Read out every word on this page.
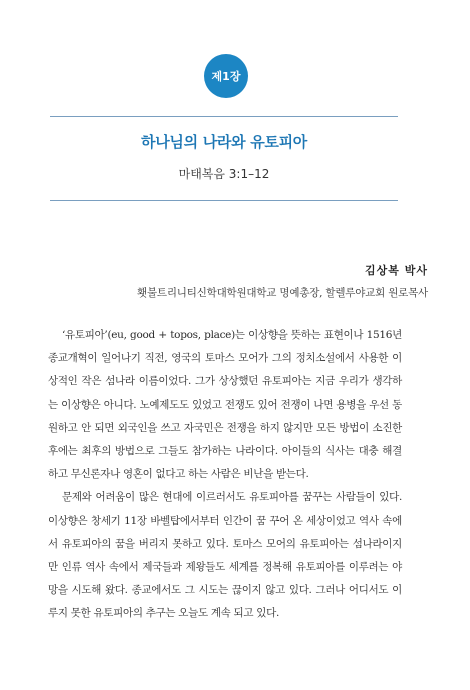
제1장
하나님의 나라와 유토피아
마태복음 3:1–12
김상복 박사
횃불트리니티신학대학원대학교 명예총장, 할렐루야교회 원로목사

‘유토피아’(eu, good + topos, place)는 이상향을 뜻하는 표현이나 1516년 종교개혁이 일어나기 직전, 영국의 토마스 모어가 그의 정치소설에서 사용한 이상적인 작은 섬나라 이름이었다. 그가 상상했던 유토피아는 지금 우리가 생각하는 이상향은 아니다. 노예제도도 있었고 전쟁도 있어 전쟁이 나면 용병을 우선 동원하고 안 되면 외국인을 쓰고 자국민은 전쟁을 하지 않지만 모든 방법이 소진한 후에는 최후의 방법으로 그들도 참가하는 나라이다. 아이들의 식사는 대충 해결하고 무신론자나 영혼이 없다고 하는 사람은 비난을 받는다.

문제와 어려움이 많은 현대에 이르러서도 유토피아를 꿈꾸는 사람들이 있다. 이상향은 창세기 11장 바벨탑에서부터 인간이 꿈 꾸어 온 세상이었고 역사 속에서 유토피아의 꿈을 버리지 못하고 있다. 토마스 모어의 유토피아는 섬나라이지만 인류 역사 속에서 제국들과 제왕들도 세계를 정복해 유토피아를 이루려는 야망을 시도해 왔다. 종교에서도 그 시도는 끊이지 않고 있다. 그러나 어디서도 이루지 못한 유토피아의 추구는 오늘도 계속 되고 있다.
